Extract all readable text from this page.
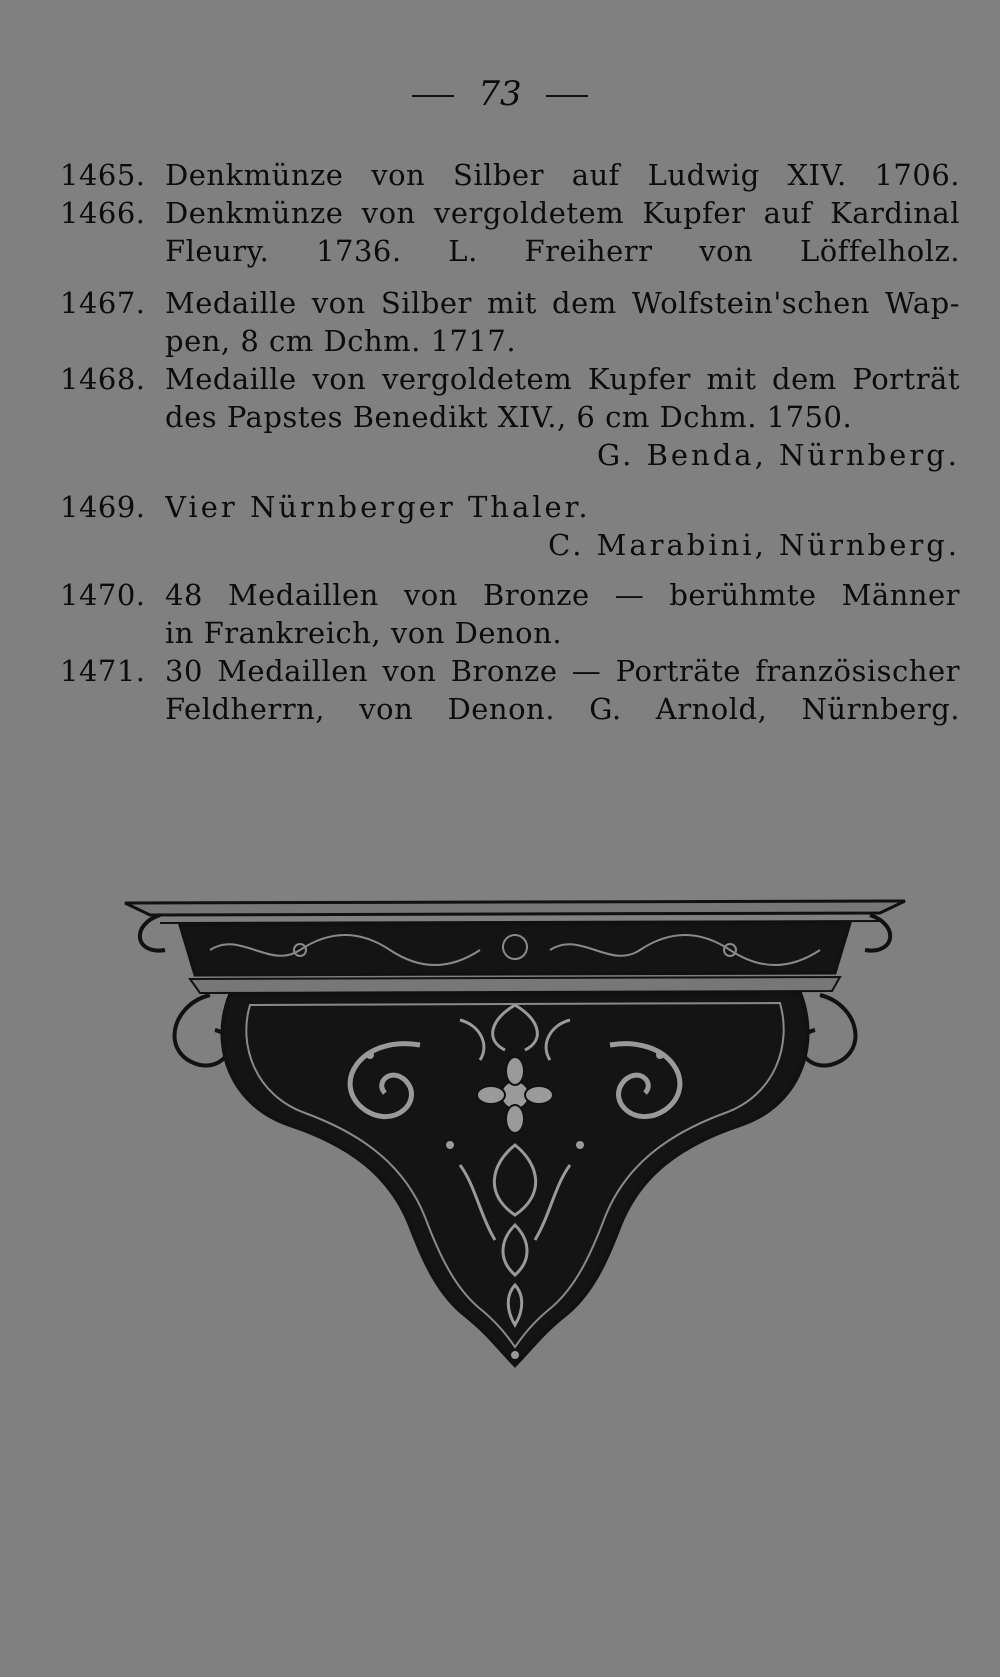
73
1465. Denkmünze von Silber auf Ludwig XIV. 1706.
1466. Denkmünze von vergoldetem Kupfer auf Kardinal
Fleury. 1736. L. Freiherr von Löffelholz.
1467. Medaille von Silber mit dem Wolfstein'schen Wap-
pen, 8 cm Dchm. 1717.
1468. Medaille von vergoldetem Kupfer mit dem Porträt
des Papstes Benedikt XIV., 6 cm Dchm. 1750.
G. Benda, Nürnberg.
1469. Vier Nürnberger Thaler.
C. Marabini, Nürnberg.
1470. 48 Medaillen von Bronze — berühmte Männer
in Frankreich, von Denon.
1471. 30 Medaillen von Bronze — Porträte französischer
Feldherrn, von Denon. G. Arnold, Nürnberg.
